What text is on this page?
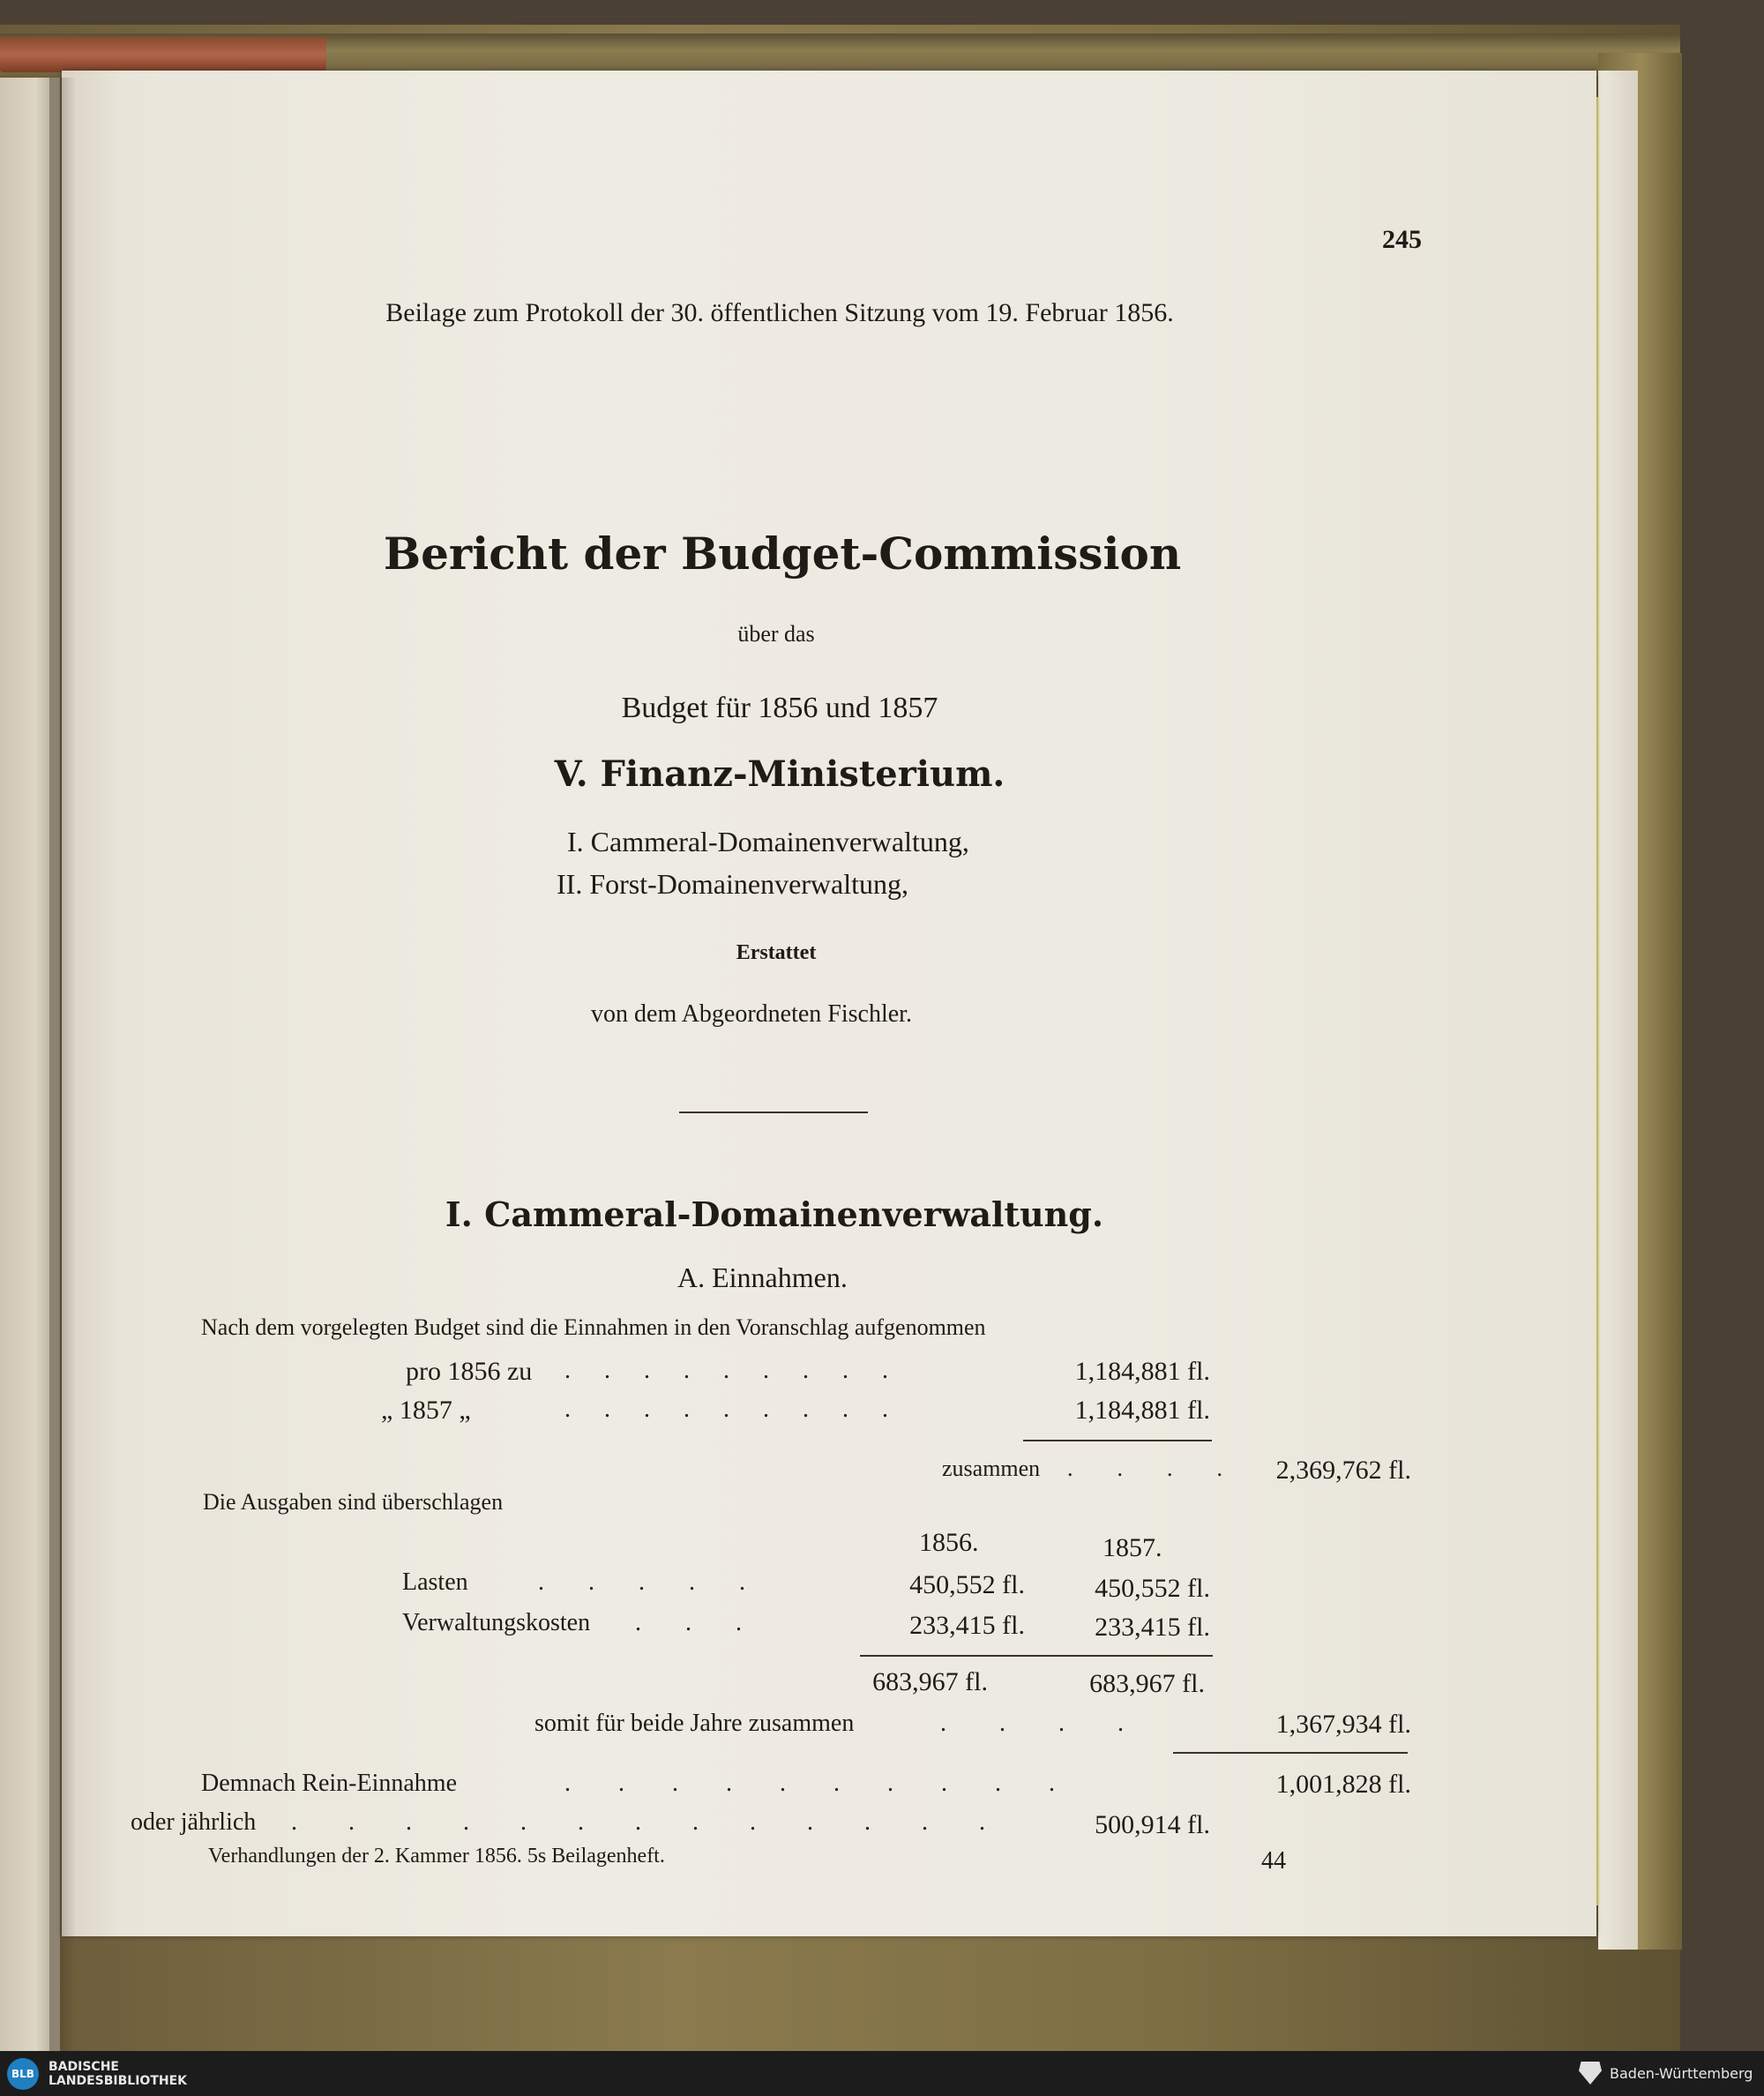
245
Beilage zum Protokoll der 30. öffentlichen Sitzung vom 19. Februar 1856.
Bericht der Budget-Commission
über das
Budget für 1856 und 1857
V. Finanz-Ministerium.
I. Cammeral-Domainenverwaltung,
II. Forst-Domainenverwaltung,
Erstattet
von dem Abgeordneten Fischler.
I. Cammeral-Domainenverwaltung.
A. Einnahmen.
Nach dem vorgelegten Budget sind die Einnahmen in den Voranschlag aufgenommen
pro 1856 zu .........	1,184,881 fl.
„ 1857 „	.........	1,184,881 fl.
zusammen .... 2,369,762 fl.
Die Ausgaben sind überschlagen
1856.	1857.
Lasten	.....	450,552 fl.	450,552 fl.
Verwaltungskosten ...	233,415 fl.	233,415 fl.
683,967 fl.	683,967 fl.
somit für beide Jahre zusammen	....	1,367,934 fl.
Demnach Rein-Einnahme	..........	1,001,828 fl.
oder jährlich ............. 500,914 fl.
Verhandlungen der 2. Kammer 1856. 5s Beilagenheft.	44
BLB	BADISCHE
LANDESBIBLIOTHEK	Baden-Württemberg
